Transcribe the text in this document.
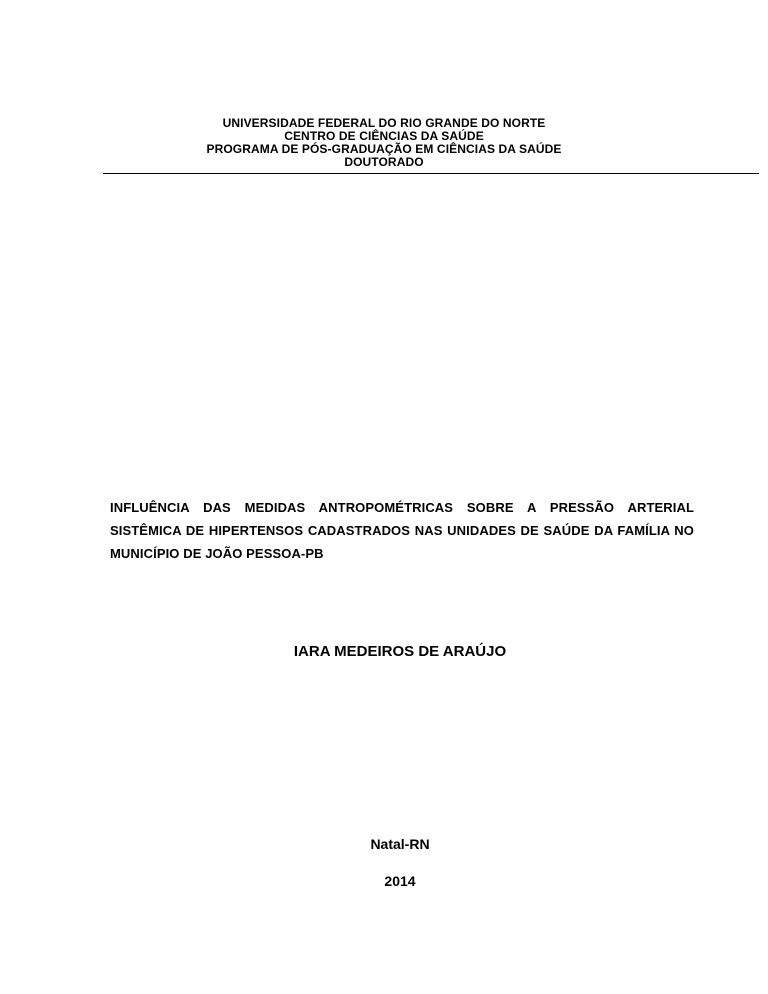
UNIVERSIDADE FEDERAL DO RIO GRANDE DO NORTE
CENTRO DE CIÊNCIAS DA SAÚDE
PROGRAMA DE PÓS-GRADUAÇÃO EM CIÊNCIAS DA SAÚDE
DOUTORADO
INFLUÊNCIA DAS MEDIDAS ANTROPOMÉTRICAS SOBRE A PRESSÃO ARTERIAL SISTÊMICA DE HIPERTENSOS CADASTRADOS NAS UNIDADES DE SAÚDE DA FAMÍLIA NO MUNICÍPIO DE JOÃO PESSOA-PB
IARA MEDEIROS DE ARAÚJO
Natal-RN
2014
